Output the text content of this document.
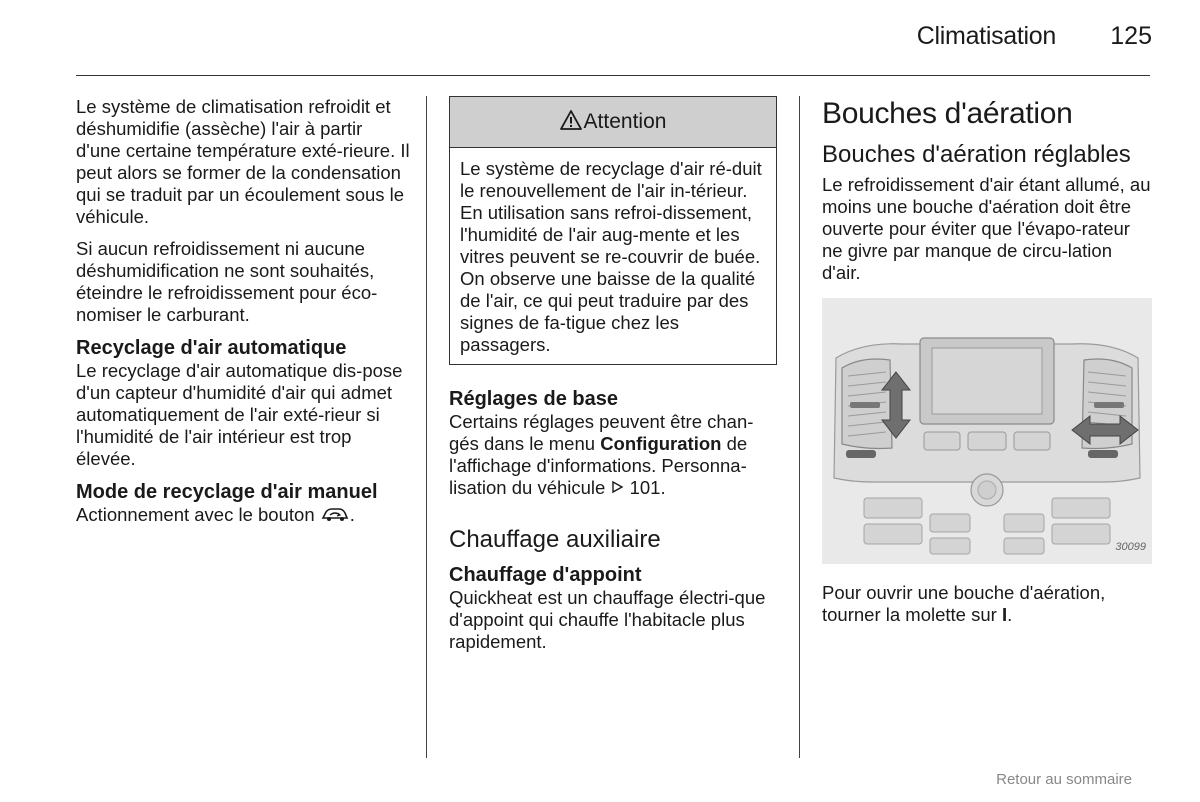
Climatisation 125

Le système de climatisation refroidit et déshumidifie (assèche) l'air à partir d'une certaine température exté-rieure. Il peut alors se former de la condensation qui se traduit par un écoulement sous le véhicule.

Si aucun refroidissement ni aucune déshumidification ne sont souhaités, éteindre le refroidissement pour éco-nomiser le carburant.

Recyclage d'air automatique

Le recyclage d'air automatique dis-pose d'un capteur d'humidité d'air qui admet automatiquement de l'air exté-rieur si l'humidité de l'air intérieur est trop élevée.

Mode de recyclage d'air manuel

Actionnement avec le bouton .

Attention
Le système de recyclage d'air ré-duit le renouvellement de l'air in-térieur. En utilisation sans refroi-dissement, l'humidité de l'air aug-mente et les vitres peuvent se re-couvrir de buée. On observe une baisse de la qualité de l'air, ce qui peut traduire par des signes de fa-tigue chez les passagers.
Réglages de base

Certains réglages peuvent être chan-gés dans le menu Configuration de l'affichage d'informations. Personna-lisation du véhicule 101.

Chauffage auxiliaire
Chauffage d'appoint

Quickheat est un chauffage électri-que d'appoint qui chauffe l'habitacle plus rapidement.

Bouches d'aération
Bouches d'aération réglables

Le refroidissement d'air étant allumé, au moins une bouche d'aération doit être ouverte pour éviter que l'évapo-rateur ne givre par manque de circu-lation d'air.

30099

Pour ouvrir une bouche d'aération, tourner la molette sur I.

Retour au sommaire
